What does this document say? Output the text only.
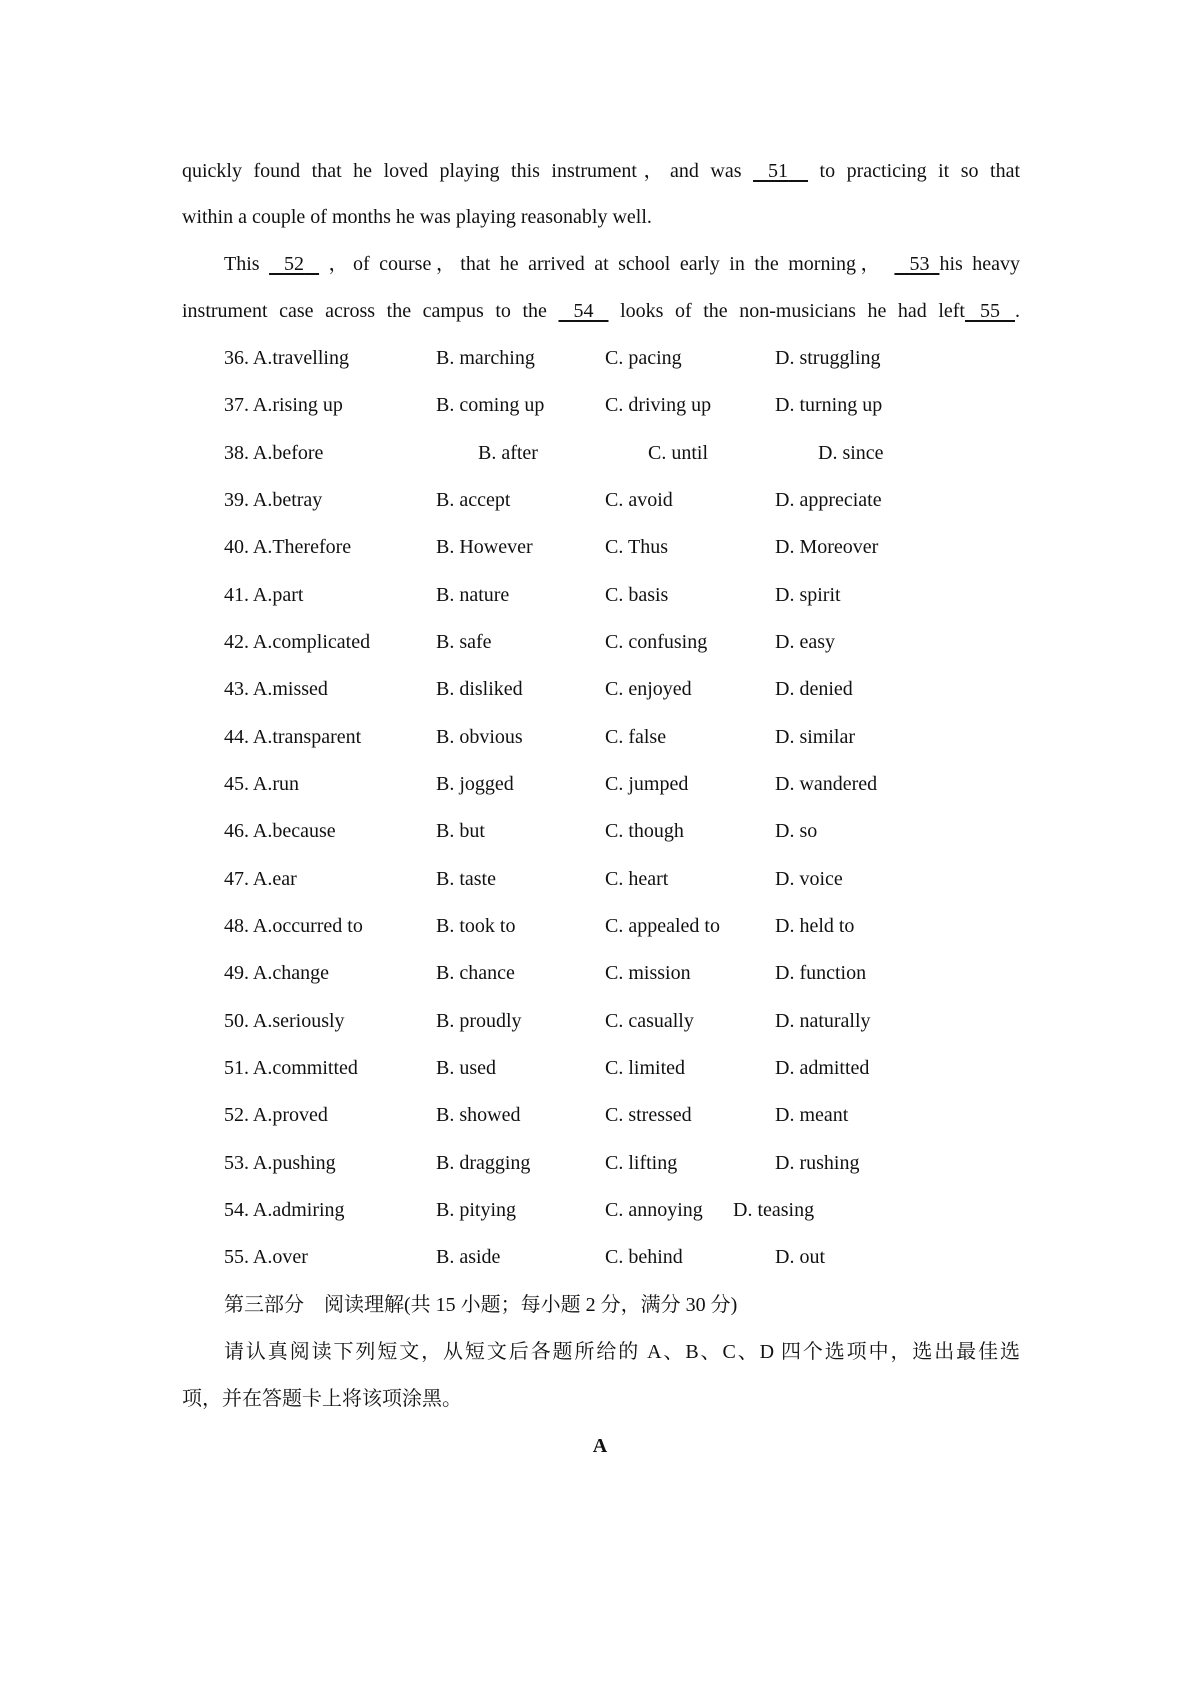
quickly found that he loved playing this instrument，and was 51 to practicing it so that
within a couple of months he was playing reasonably well.
This 52 ，of course，that he arrived at school early in the morning， 53 his heavy
instrument case across the campus to the 54 looks of the non-musicians he had left 55 .
36. A.travelling	B. marching	C. pacing	D. struggling
37. A.rising up	B. coming up	C. driving up	D. turning up
38. A.before	B. after	C. until	D. since
39. A.betray	B. accept	C. avoid	D. appreciate
40. A.Therefore	B. However	C. Thus	D. Moreover
41. A.part	B. nature	C. basis	D. spirit
42. A.complicated	B. safe	C. confusing	D. easy
43. A.missed	B. disliked	C. enjoyed	D. denied
44. A.transparent	B. obvious	C. false	D. similar
45. A.run	B. jogged	C. jumped	D. wandered
46. A.because	B. but	C. though	D. so
47. A.ear	B. taste	C. heart	D. voice
48. A.occurred to	B. took to	C. appealed to	D. held to
49. A.change	B. chance	C. mission	D. function
50. A.seriously	B. proudly	C. casually	D. naturally
51. A.committed	B. used	C. limited	D. admitted
52. A.proved	B. showed	C. stressed	D. meant
53. A.pushing	B. dragging	C. lifting	D. rushing
54. A.admiring	B. pitying	C. annoying D. teasing
55. A.over	B. aside	C. behind	D. out
第三部分　阅读理解(共 15 小题；每小题 2 分，满分 30 分)
请认真阅读下列短文，从短文后各题所给的 A、B、C、D 四个选项中，选出最佳选
项，并在答题卡上将该项涂黑。
A
